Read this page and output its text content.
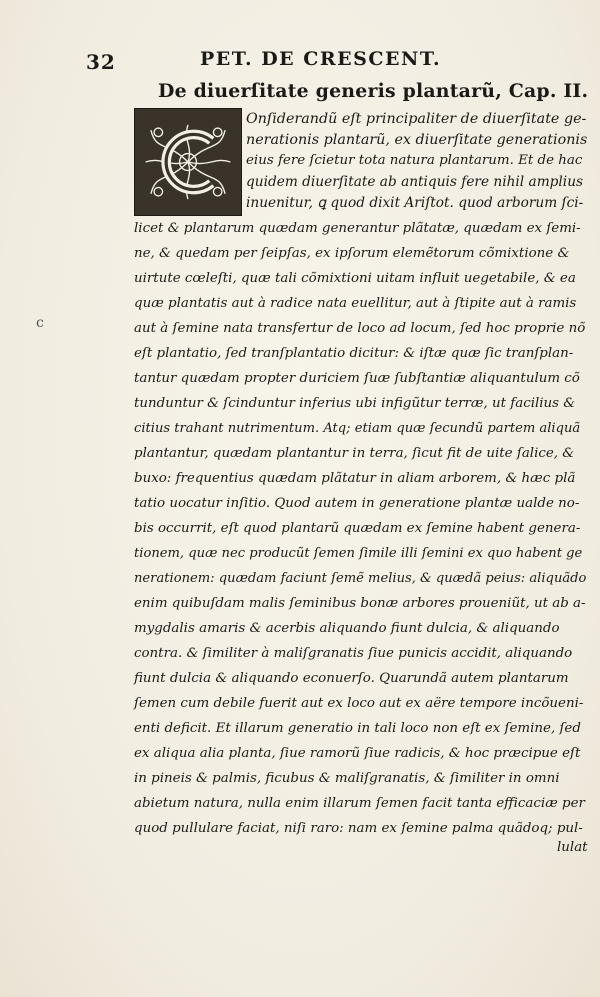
32	PET. DE CRESCENT.
De diuerſitate generis plantarũ, Cap. II.
c
Onſiderandũ eſt principaliter de diuerſitate ge-
nerationis plantarũ, ex diuerſitate generationis
eius fere ſcietur tota natura plantarum. Et de hac
quidem diuerſitate ab antiquis fere nihil amplius
inuenitur, ꝗ quod dixit Ariſtot. quod arborum ſci-
licet & plantarum quædam generantur plãtatæ, quædam ex ſemi-
ne, & quedam per ſeipſas, ex ipſorum elemẽtorum cõmixtione &
uirtute cœleſti, quæ tali cõmixtioni uitam influit uegetabile, & ea
quæ plantatis aut à radice nata euellitur, aut à ſtipite aut à ramis
aut à ſemine nata transfertur de loco ad locum, ſed hoc proprie nõ
eſt plantatio, ſed tranſplantatio dicitur: & iſtæ quæ ſic tranſplan-
tantur quædam propter duriciem ſuæ ſubſtantiæ aliquantulum cõ
tunduntur & ſcinduntur inferius ubi infigũtur terræ, ut facilius &
citius trahant nutrimentum. Atq; etiam quæ ſecundũ partem aliquã
plantantur, quædam plantantur in terra, ſicut fit de uite ſalice, &
buxo: frequentius quædam plãtatur in aliam arborem, & hæc plã
tatio uocatur inſitio. Quod autem in generatione plantæ ualde no-
bis occurrit, eſt quod plantarũ quædam ex ſemine habent genera-
tionem, quæ nec producũt ſemen ſimile illi ſemini ex quo habent ge
nerationem: quædam faciunt ſemẽ melius, & quædã peius: aliquãdo
enim quibuſdam malis ſeminibus bonæ arbores proueniũt, ut ab a-
mygdalis amaris & acerbis aliquando fiunt dulcia, & aliquando
contra. & ſimiliter à maliſgranatis ſiue punicis accidit, aliquando
fiunt dulcia & aliquando econuerſo. Quarundã autem plantarum
ſemen cum debile fuerit aut ex loco aut ex aëre tempore incõueni-
enti deficit. Et illarum generatio in tali loco non eſt ex ſemine, ſed
ex aliqua alia planta, ſiue ramorũ ſiue radicis, & hoc præcipue eſt
in pineis & palmis, ficubus & maliſgranatis, & ſimiliter in omni
abietum natura, nulla enim illarum ſemen facit tanta efficaciæ per
quod pullulare faciat, niſi raro: nam ex ſemine palma quãdoq; pul-
lulat
